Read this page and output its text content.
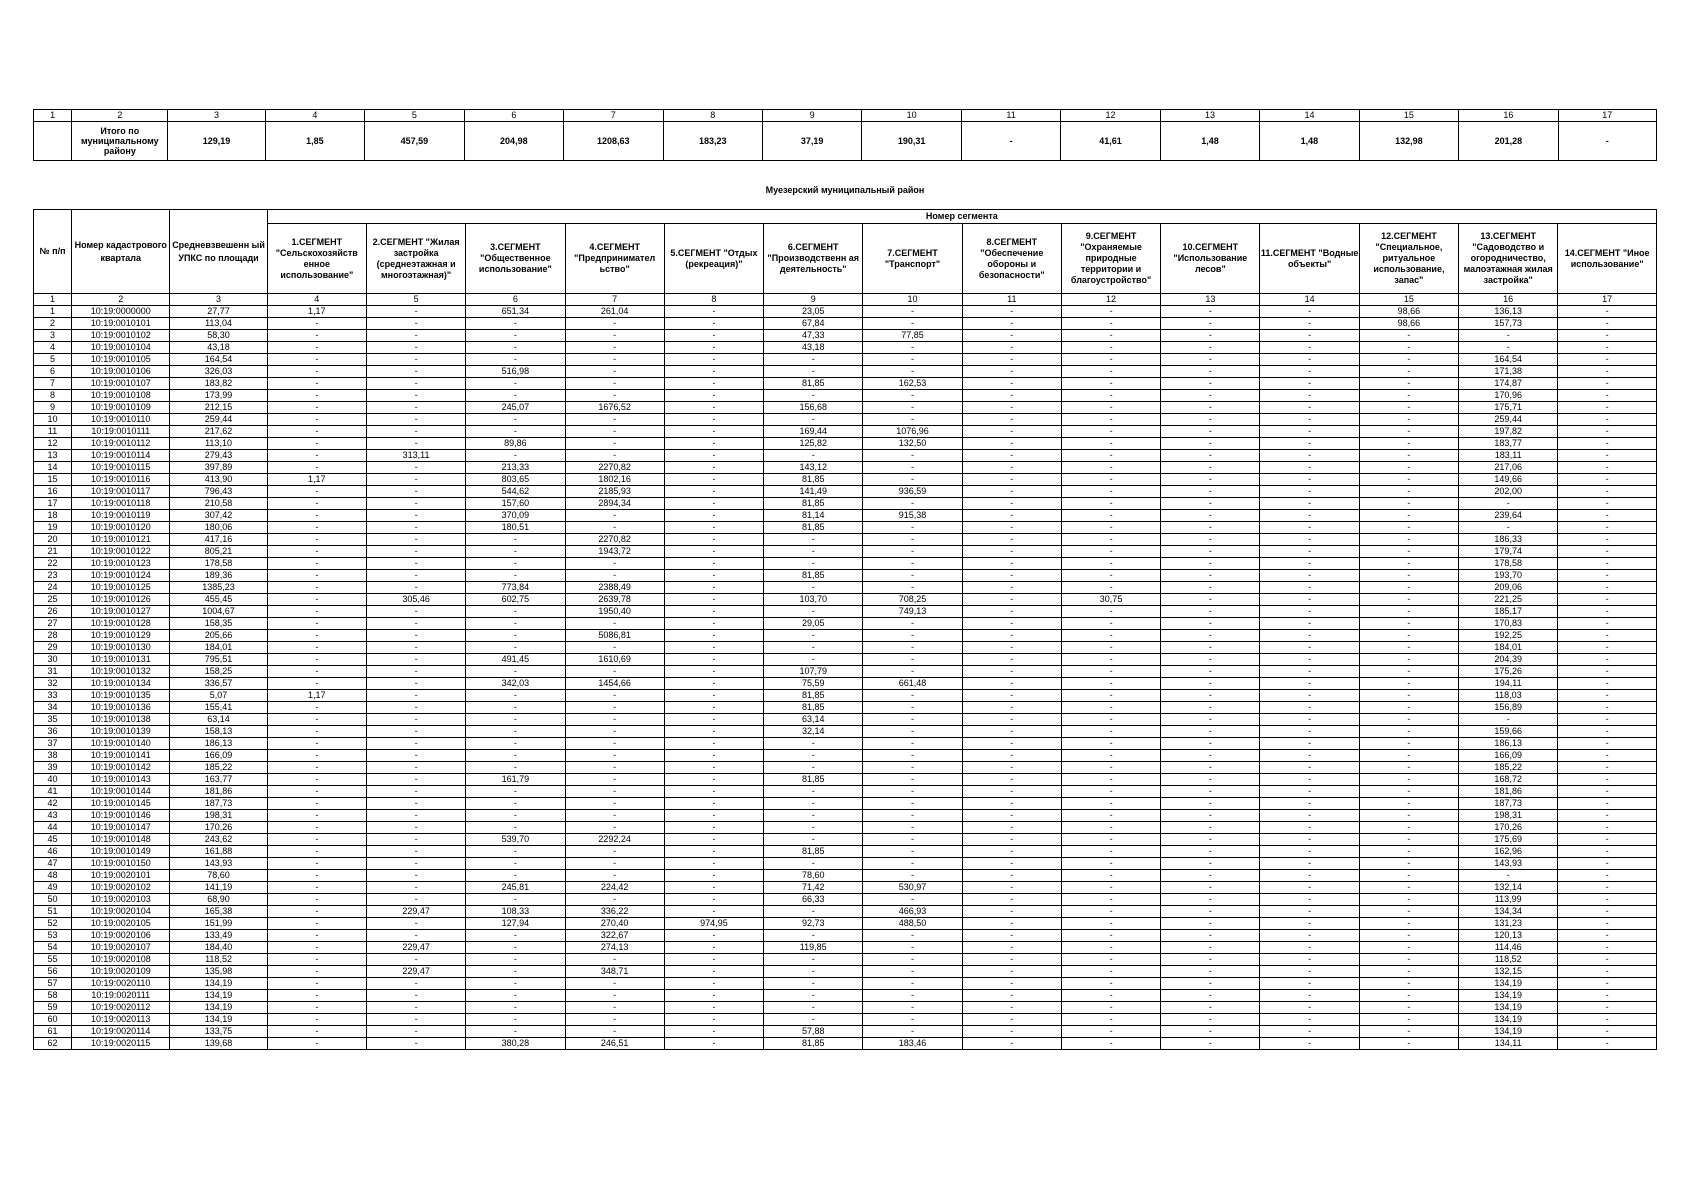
1	2	3	4	5	6	7	8	9	10	11	12	13	14	15	16	17
	Итого по муниципальному району	129,19	1,85	457,59	204,98	1208,63	183,23	37,19	190,31	-	41,61	1,48	1,48	132,98	201,28	-
Муезерский муниципальный район
№ п/п	Номер кадастрового квартала	Средневзвешенн ый УПКС по площади	Номер сегмента													
			1.СЕГМЕНТ "Сельскохозяйств енное использование"	2.СЕГМЕНТ "Жилая застройка (среднеэтажная и многоэтажная)"	3.СЕГМЕНТ "Общественное использование"	4.СЕГМЕНТ "Предпринимател ьство"	5.СЕГМЕНТ "Отдых (рекреация)"	6.СЕГМЕНТ "Производственн ая деятельность"	7.СЕГМЕНТ "Транспорт"	8.СЕГМЕНТ "Обеспечение обороны и безопасности"	9.СЕГМЕНТ "Охраняемые природные территории и благоустройство"	10.СЕГМЕНТ "Использование лесов"	11.СЕГМЕНТ "Водные объекты"	12.СЕГМЕНТ "Специальное, ритуальное использование, запас"	13.СЕГМЕНТ "Садоводство и огородничество, малоэтажная жилая застройка"	14.СЕГМЕНТ "Иное использование"
1	2	3	4	5	6	7	8	9	10	11	12	13	14	15	16	17
1	10:19:0000000	27,77	1,17	-	651,34	261,04	-	23,05	-	-	-	-	-	98,66	136,13	-
2	10:19:0010101	113,04	-	-	-	-	-	67,84	-	-	-	-	-	98,66	157,73	-
3	10:19:0010102	58,30	-	-	-	-	-	47,33	77,85	-	-	-	-	-	-	-
4	10:19:0010104	43,18	-	-	-	-	-	43,18	-	-	-	-	-	-	-	-
5	10:19:0010105	164,54	-	-	-	-	-	-	-	-	-	-	-	-	164,54	-
6	10:19:0010106	326,03	-	-	516,98	-	-	-	-	-	-	-	-	-	171,38	-
7	10:19:0010107	183,82	-	-	-	-	-	81,85	162,53	-	-	-	-	-	174,87	-
8	10:19:0010108	173,99	-	-	-	-	-	-	-	-	-	-	-	-	170,96	-
9	10:19:0010109	212,15	-	-	245,07	1676,52	-	156,68	-	-	-	-	-	-	175,71	-
10	10:19:0010110	259,44	-	-	-	-	-	-	-	-	-	-	-	-	259,44	-
11	10:19:0010111	217,62	-	-	-	-	-	169,44	1076,96	-	-	-	-	-	197,82	-
12	10:19:0010112	113,10	-	-	89,86	-	-	125,82	132,50	-	-	-	-	-	183,77	-
13	10:19:0010114	279,43	-	313,11	-	-	-	-	-	-	-	-	-	-	183,11	-
14	10:19:0010115	397,89	-	-	213,33	2270,82	-	143,12	-	-	-	-	-	-	217,06	-
15	10:19:0010116	413,90	1,17	-	803,65	1802,16	-	81,85	-	-	-	-	-	-	149,66	-
16	10:19:0010117	796,43	-	-	544,62	2185,93	-	141,49	936,59	-	-	-	-	-	202,00	-
17	10:19:0010118	210,58	-	-	157,60	2894,34	-	81,85	-	-	-	-	-	-	-	-
18	10:19:0010119	307,42	-	-	370,09	-	-	81,14	915,38	-	-	-	-	-	239,64	-
19	10:19:0010120	180,06	-	-	180,51	-	-	81,85	-	-	-	-	-	-	-	-
20	10:19:0010121	417,16	-	-	-	2270,82	-	-	-	-	-	-	-	-	186,33	-
21	10:19:0010122	805,21	-	-	-	1943,72	-	-	-	-	-	-	-	-	179,74	-
22	10:19:0010123	178,58	-	-	-	-	-	-	-	-	-	-	-	-	178,58	-
23	10:19:0010124	189,36	-	-	-	-	-	81,85	-	-	-	-	-	-	193,70	-
24	10:19:0010125	1385,23	-	-	773,84	2388,49	-	-	-	-	-	-	-	-	209,06	-
25	10:19:0010126	455,45	-	305,46	602,75	2639,78	-	103,70	708,25	-	30,75	-	-	-	221,25	-
26	10:19:0010127	1004,67	-	-	-	1950,40	-	-	749,13	-	-	-	-	-	185,17	-
27	10:19:0010128	158,35	-	-	-	-	-	29,05	-	-	-	-	-	-	170,83	-
28	10:19:0010129	205,66	-	-	-	5086,81	-	-	-	-	-	-	-	-	192,25	-
29	10:19:0010130	184,01	-	-	-	-	-	-	-	-	-	-	-	-	184,01	-
30	10:19:0010131	795,51	-	-	491,45	1610,69	-	-	-	-	-	-	-	-	204,39	-
31	10:19:0010132	158,25	-	-	-	-	-	107,79	-	-	-	-	-	-	175,26	-
32	10:19:0010134	336,57	-	-	342,03	1454,66	-	75,59	661,48	-	-	-	-	-	194,11	-
33	10:19:0010135	5,07	1,17	-	-	-	-	81,85	-	-	-	-	-	-	118,03	-
34	10:19:0010136	155,41	-	-	-	-	-	81,85	-	-	-	-	-	-	156,89	-
35	10:19:0010138	63,14	-	-	-	-	-	63,14	-	-	-	-	-	-	-	-
36	10:19:0010139	158,13	-	-	-	-	-	32,14	-	-	-	-	-	-	159,66	-
37	10:19:0010140	186,13	-	-	-	-	-	-	-	-	-	-	-	-	186,13	-
38	10:19:0010141	166,09	-	-	-	-	-	-	-	-	-	-	-	-	166,09	-
39	10:19:0010142	185,22	-	-	-	-	-	-	-	-	-	-	-	-	185,22	-
40	10:19:0010143	163,77	-	-	161,79	-	-	81,85	-	-	-	-	-	-	168,72	-
41	10:19:0010144	181,86	-	-	-	-	-	-	-	-	-	-	-	-	181,86	-
42	10:19:0010145	187,73	-	-	-	-	-	-	-	-	-	-	-	-	187,73	-
43	10:19:0010146	198,31	-	-	-	-	-	-	-	-	-	-	-	-	198,31	-
44	10:19:0010147	170,26	-	-	-	-	-	-	-	-	-	-	-	-	170,26	-
45	10:19:0010148	243,62	-	-	539,70	2292,24	-	-	-	-	-	-	-	-	175,69	-
46	10:19:0010149	161,88	-	-	-	-	-	81,85	-	-	-	-	-	-	162,96	-
47	10:19:0010150	143,93	-	-	-	-	-	-	-	-	-	-	-	-	143,93	-
48	10:19:0020101	78,60	-	-	-	-	-	78,60	-	-	-	-	-	-	-	-
49	10:19:0020102	141,19	-	-	245,81	224,42	-	71,42	530,97	-	-	-	-	-	132,14	-
50	10:19:0020103	68,90	-	-	-	-	-	66,33	-	-	-	-	-	-	113,99	-
51	10:19:0020104	165,38	-	229,47	108,33	336,22	-	-	466,93	-	-	-	-	-	134,34	-
52	10:19:0020105	151,99	-	-	127,94	270,40	974,95	92,73	488,50	-	-	-	-	-	131,23	-
53	10:19:0020106	133,49	-	-	-	322,67	-	-	-	-	-	-	-	-	120,13	-
54	10:19:0020107	184,40	-	229,47	-	274,13	-	119,85	-	-	-	-	-	-	114,46	-
55	10:19:0020108	118,52	-	-	-	-	-	-	-	-	-	-	-	-	118,52	-
56	10:19:0020109	135,98	-	229,47	-	348,71	-	-	-	-	-	-	-	-	132,15	-
57	10:19:0020110	134,19	-	-	-	-	-	-	-	-	-	-	-	-	134,19	-
58	10:19:0020111	134,19	-	-	-	-	-	-	-	-	-	-	-	-	134,19	-
59	10:19:0020112	134,19	-	-	-	-	-	-	-	-	-	-	-	-	134,19	-
60	10:19:0020113	134,19	-	-	-	-	-	-	-	-	-	-	-	-	134,19	-
61	10:19:0020114	133,75	-	-	-	-	-	57,88	-	-	-	-	-	-	134,19	-
62	10:19:0020115	139,68	-	-	380,28	246,51	-	81,85	183,46	-	-	-	-	-	134,11	-
